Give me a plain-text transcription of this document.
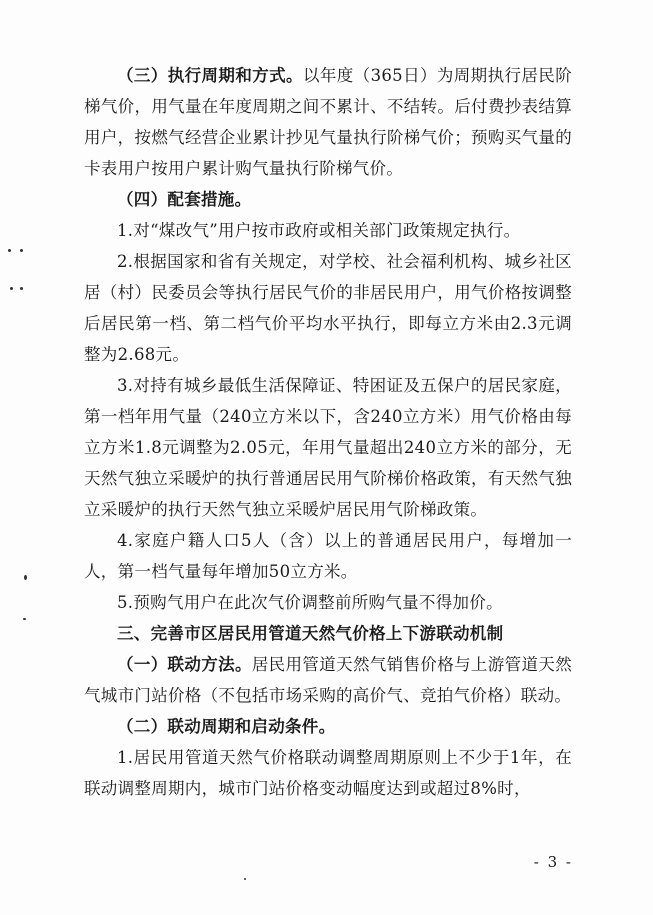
（三）执行周期和方式。以年度（365日）为周期执行居民阶梯气价，用气量在年度周期之间不累计、不结转。后付费抄表结算用户，按燃气经营企业累计抄见气量执行阶梯气价；预购买气量的卡表用户按用户累计购气量执行阶梯气价。

（四）配套措施。

1.对“煤改气”用户按市政府或相关部门政策规定执行。

2.根据国家和省有关规定，对学校、社会福利机构、城乡社区居（村）民委员会等执行居民气价的非居民用户，用气价格按调整后居民第一档、第二档气价平均水平执行，即每立方米由2.3元调整为2.68元。

3.对持有城乡最低生活保障证、特困证及五保户的居民家庭，第一档年用气量（240立方米以下，含240立方米）用气价格由每立方米1.8元调整为2.05元，年用气量超出240立方米的部分，无天然气独立采暖炉的执行普通居民用气阶梯价格政策，有天然气独立采暖炉的执行天然气独立采暖炉居民用气阶梯政策。

4.家庭户籍人口5人（含）以上的普通居民用户，每增加一人，第一档气量每年增加50立方米。

5.预购气用户在此次气价调整前所购气量不得加价。

三、完善市区居民用管道天然气价格上下游联动机制

（一）联动方法。居民用管道天然气销售价格与上游管道天然气城市门站价格（不包括市场采购的高价气、竞拍气价格）联动。

（二）联动周期和启动条件。

1.居民用管道天然气价格联动调整周期原则上不少于1年，在联动调整周期内，城市门站价格变动幅度达到或超过8%时，

- 3 -
